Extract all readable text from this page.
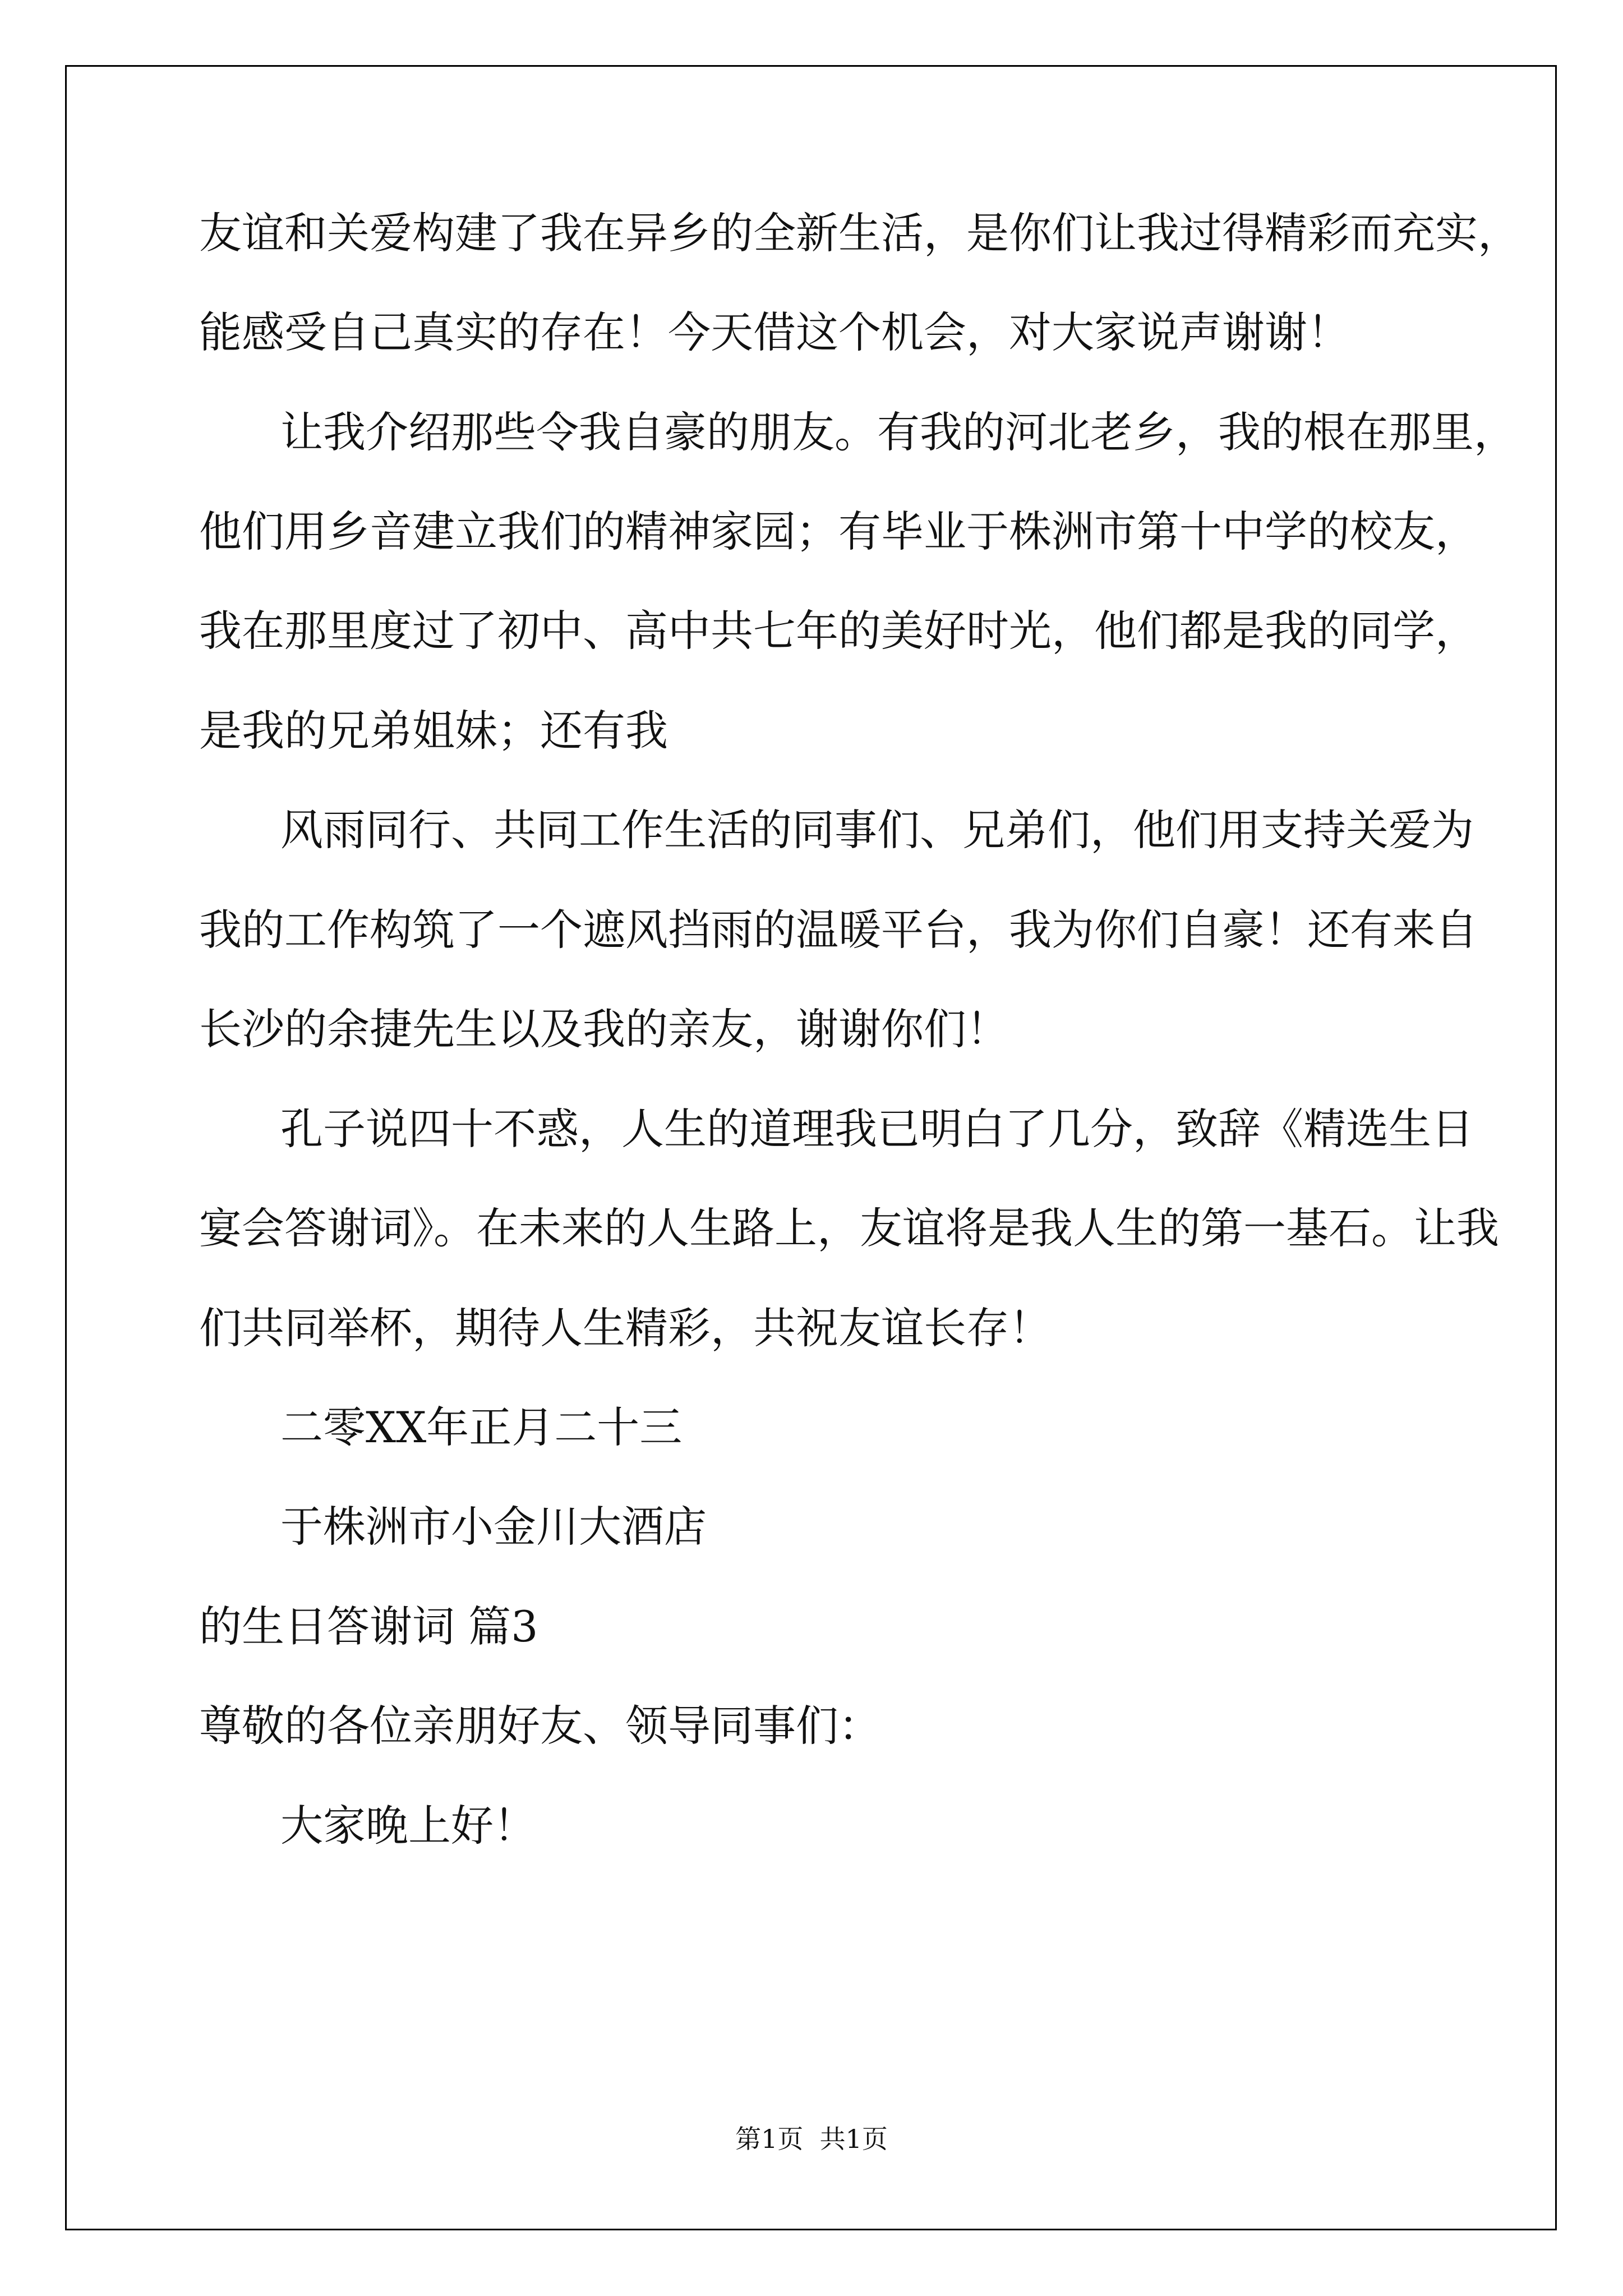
友谊和关爱构建了我在异乡的全新生活，是你们让我过得精彩而充实，
能感受自己真实的存在！今天借这个机会，对大家说声谢谢！
让我介绍那些令我自豪的朋友。有我的河北老乡，我的根在那里，
他们用乡音建立我们的精神家园；有毕业于株洲市第十中学的校友，
我在那里度过了初中、高中共七年的美好时光，他们都是我的同学，
是我的兄弟姐妹；还有我
风雨同行、共同工作生活的同事们、兄弟们，他们用支持关爱为
我的工作构筑了一个遮风挡雨的温暖平台，我为你们自豪！还有来自
长沙的余捷先生以及我的亲友，谢谢你们！
孔子说四十不惑，人生的道理我已明白了几分，致辞《精选生日
宴会答谢词》。在未来的人生路上，友谊将是我人生的第一基石。让我
们共同举杯，期待人生精彩，共祝友谊长存！
二零XX年正月二十三
于株洲市小金川大酒店
的生日答谢词 篇3
尊敬的各位亲朋好友、领导同事们：
大家晚上好！
第1页  共1页
